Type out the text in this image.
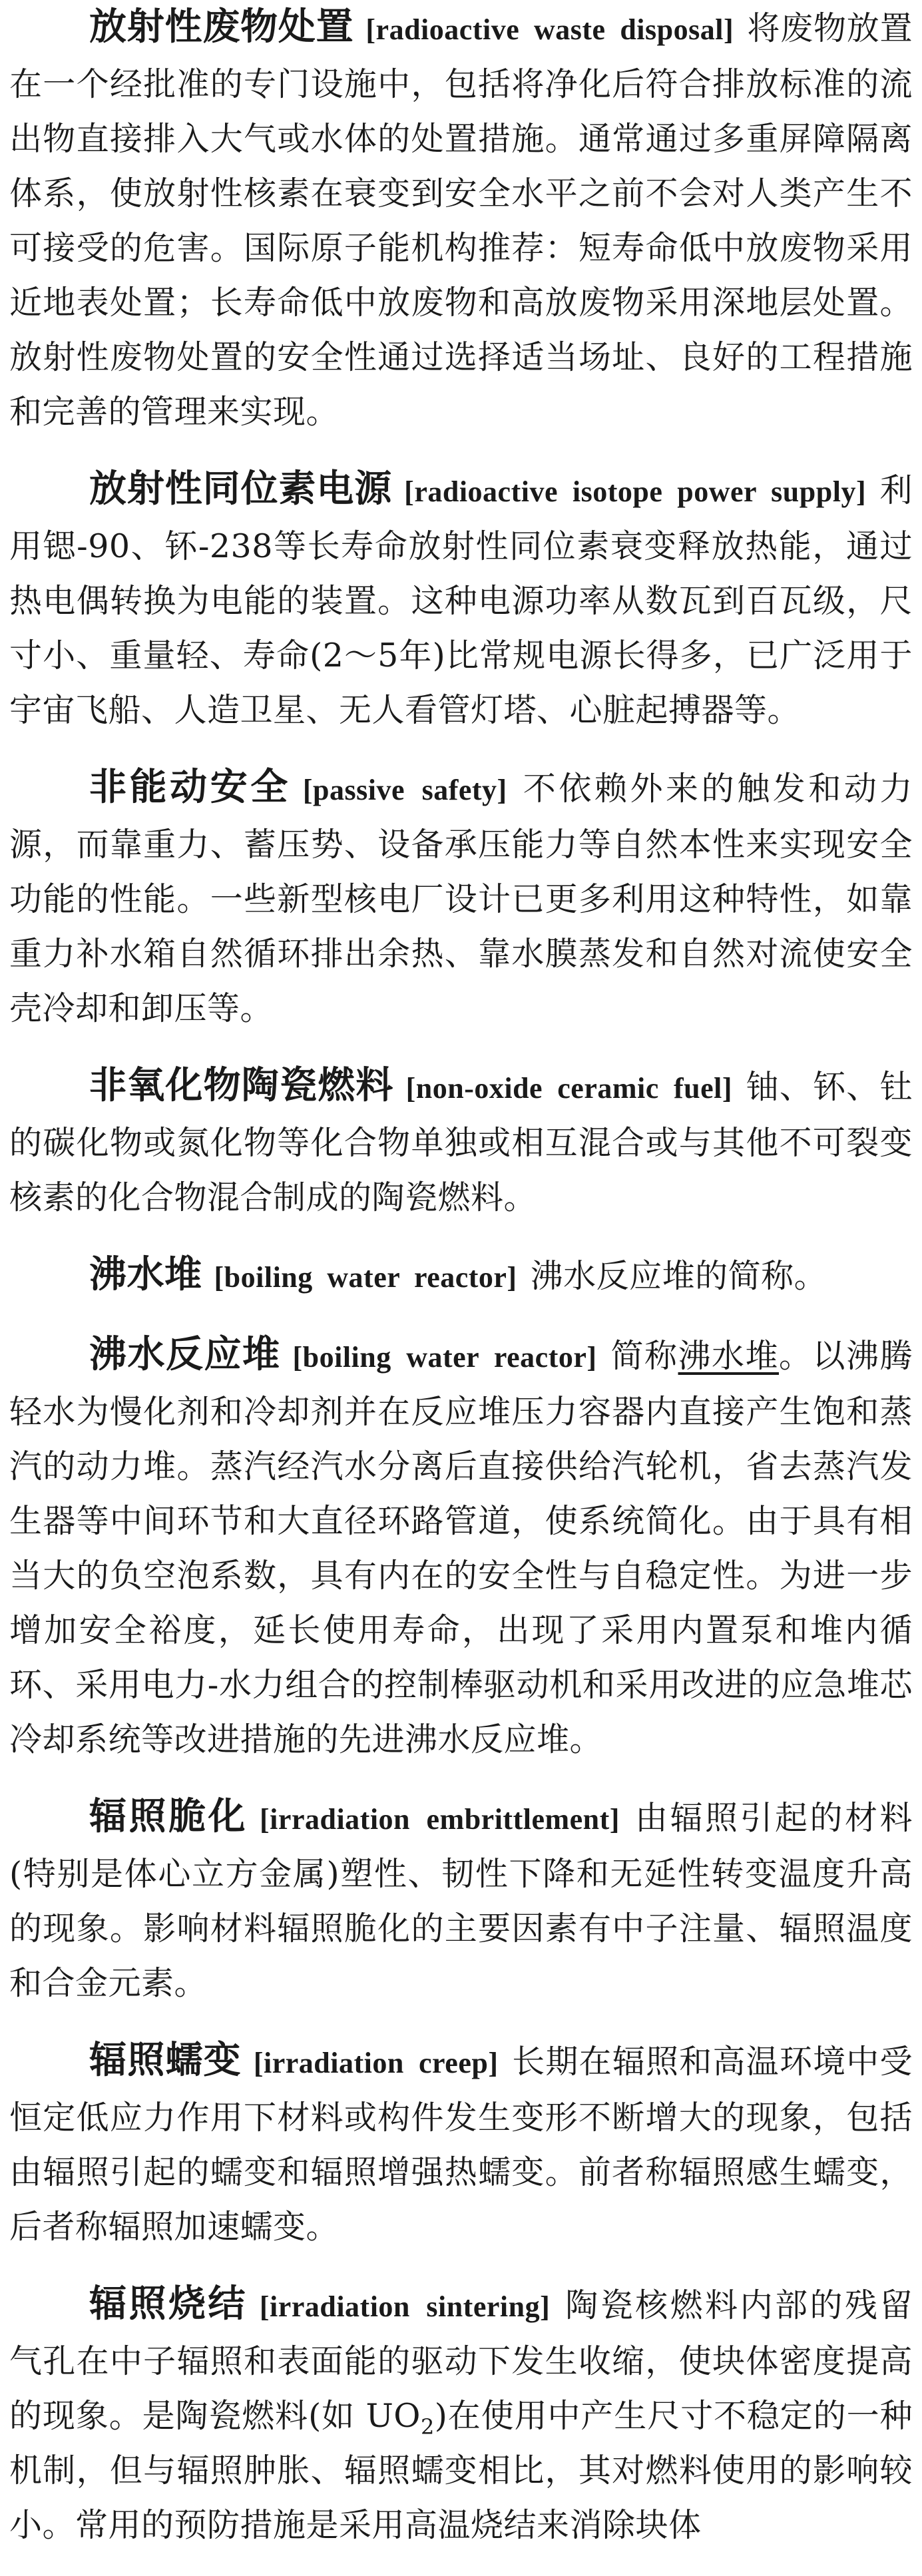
放射性废物处置 [radioactive waste disposal] 将废物放置在一个经批准的专门设施中，包括将净化后符合排放标准的流出物直接排入大气或水体的处置措施。通常通过多重屏障隔离体系，使放射性核素在衰变到安全水平之前不会对人类产生不可接受的危害。国际原子能机构推荐：短寿命低中放废物采用近地表处置；长寿命低中放废物和高放废物采用深地层处置。放射性废物处置的安全性通过选择适当场址、良好的工程措施和完善的管理来实现。

放射性同位素电源 [radioactive isotope power supply] 利用锶-90、钚-238等长寿命放射性同位素衰变释放热能，通过热电偶转换为电能的装置。这种电源功率从数瓦到百瓦级，尺寸小、重量轻、寿命(2～5年)比常规电源长得多，已广泛用于宇宙飞船、人造卫星、无人看管灯塔、心脏起搏器等。

非能动安全 [passive safety] 不依赖外来的触发和动力源，而靠重力、蓄压势、设备承压能力等自然本性来实现安全功能的性能。一些新型核电厂设计已更多利用这种特性，如靠重力补水箱自然循环排出余热、靠水膜蒸发和自然对流使安全壳冷却和卸压等。

非氧化物陶瓷燃料 [non-oxide ceramic fuel] 铀、钚、钍的碳化物或氮化物等化合物单独或相互混合或与其他不可裂变核素的化合物混合制成的陶瓷燃料。

沸水堆 [boiling water reactor] 沸水反应堆的简称。

沸水反应堆 [boiling water reactor] 简称沸水堆。以沸腾轻水为慢化剂和冷却剂并在反应堆压力容器内直接产生饱和蒸汽的动力堆。蒸汽经汽水分离后直接供给汽轮机，省去蒸汽发生器等中间环节和大直径环路管道，使系统简化。由于具有相当大的负空泡系数，具有内在的安全性与自稳定性。为进一步增加安全裕度，延长使用寿命，出现了采用内置泵和堆内循环、采用电力-水力组合的控制棒驱动机和采用改进的应急堆芯冷却系统等改进措施的先进沸水反应堆。

辐照脆化 [irradiation embrittlement] 由辐照引起的材料(特别是体心立方金属)塑性、韧性下降和无延性转变温度升高的现象。影响材料辐照脆化的主要因素有中子注量、辐照温度和合金元素。

辐照蠕变 [irradiation creep] 长期在辐照和高温环境中受恒定低应力作用下材料或构件发生变形不断增大的现象，包括由辐照引起的蠕变和辐照增强热蠕变。前者称辐照感生蠕变，后者称辐照加速蠕变。

辐照烧结 [irradiation sintering] 陶瓷核燃料内部的残留气孔在中子辐照和表面能的驱动下发生收缩，使块体密度提高的现象。是陶瓷燃料(如 $UO_2$)在使用中产生尺寸不稳定的一种机制，但与辐照肿胀、辐照蠕变相比，其对燃料使用的影响较小。常用的预防措施是采用高温烧结来消除块体
